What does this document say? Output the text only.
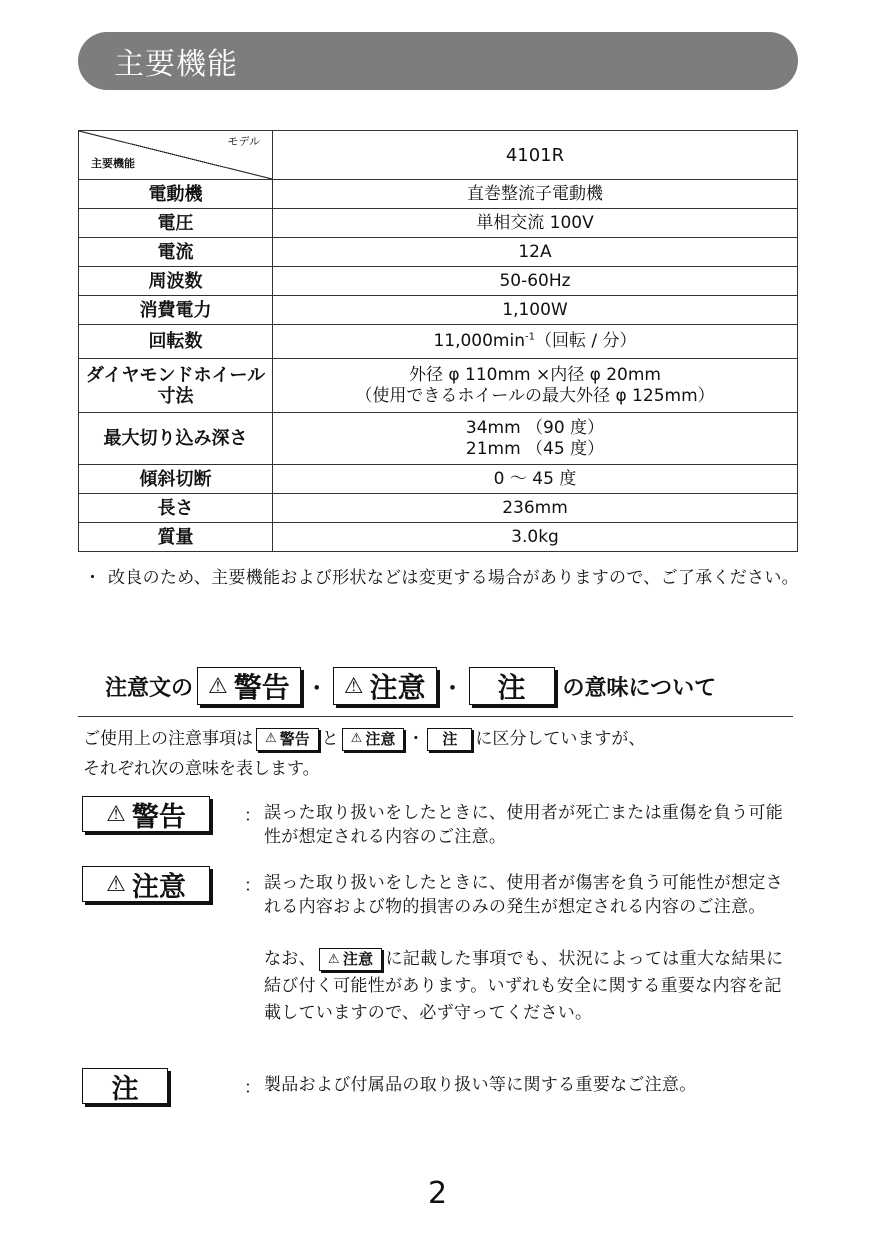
主要機能
モデル
主要機能	4101R
電動機	直巻整流子電動機
電圧	単相交流 100V
電流	12A
周波数	50-60Hz
消費電力	1,100W
回転数	$11,000\min^{-1}$（回転 / 分）
ダイヤモンドホイール
寸法	外径 φ 110mm ×内径 φ 20mm
（使用できるホイールの最大外径 φ 125mm）
最大切り込み深さ	34mm （90 度）
21mm （45 度）
傾斜切断	0 ～ 45 度
長さ	236mm
質量	3.0kg
・ 改良のため、主要機能および形状などは変更する場合がありますので、ご了承ください。
注意文の ⚠ 警告 ・ ⚠ 注意 ・ 注 の意味について
ご使用上の注意事項は ⚠ 警告 と ⚠ 注意 ・ 注 に区分していますが、
それぞれ次の意味を表します。
⚠ 警告	： 誤った取り扱いをしたときに、使用者が死亡または重傷を負う可能性が想定される内容のご注意。
⚠ 注意	： 誤った取り扱いをしたときに、使用者が傷害を負う可能性が想定される内容および物的損害のみの発生が想定される内容のご注意。
なお、 ⚠ 注意 に記載した事項でも、状況によっては重大な結果に結び付く可能性があります。いずれも安全に関する重要な内容を記載していますので、必ず守ってください。
注	： 製品および付属品の取り扱い等に関する重要なご注意。
2
